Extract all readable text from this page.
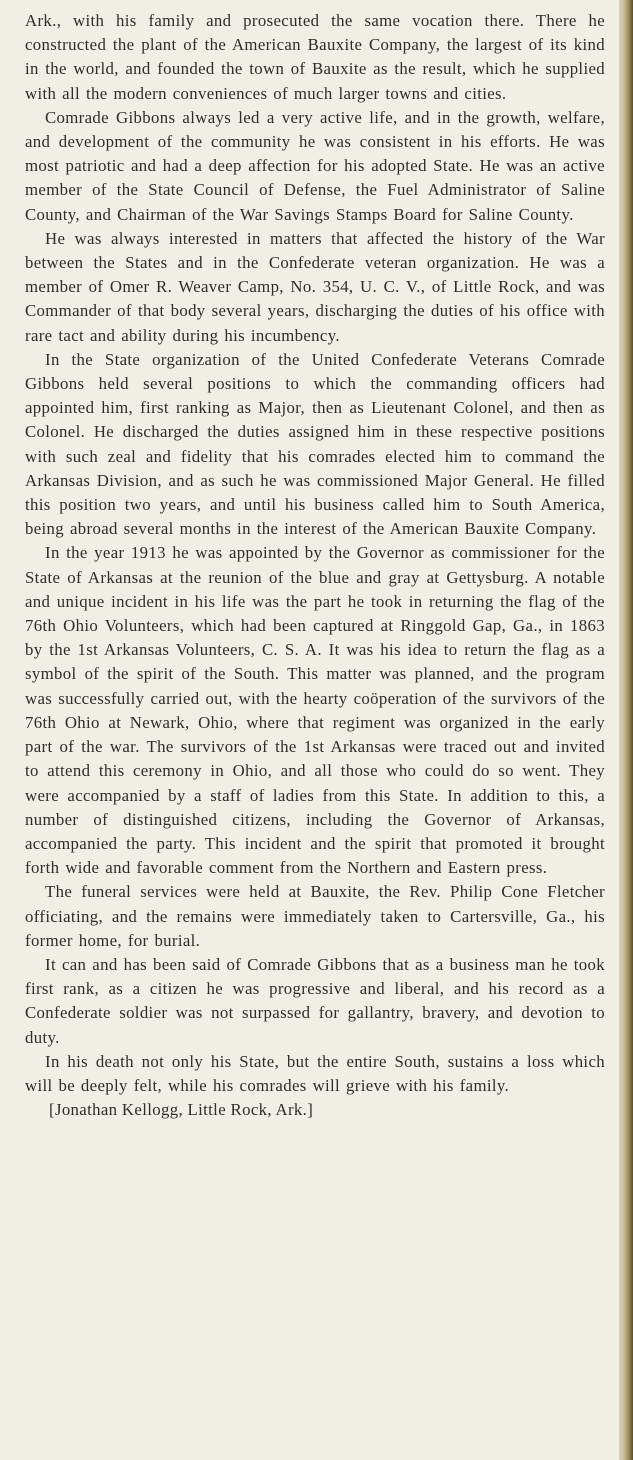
Ark., with his family and prosecuted the same vocation there. There he constructed the plant of the American Bauxite Company, the largest of its kind in the world, and founded the town of Bauxite as the result, which he supplied with all the modern conveniences of much larger towns and cities.

Comrade Gibbons always led a very active life, and in the growth, welfare, and development of the community he was consistent in his efforts. He was most patriotic and had a deep affection for his adopted State. He was an active member of the State Council of Defense, the Fuel Administrator of Saline County, and Chairman of the War Savings Stamps Board for Saline County.

He was always interested in matters that affected the history of the War between the States and in the Confederate veteran organization. He was a member of Omer R. Weaver Camp, No. 354, U. C. V., of Little Rock, and was Commander of that body several years, discharging the duties of his office with rare tact and ability during his incumbency.

In the State organization of the United Confederate Veterans Comrade Gibbons held several positions to which the commanding officers had appointed him, first ranking as Major, then as Lieutenant Colonel, and then as Colonel. He discharged the duties assigned him in these respective positions with such zeal and fidelity that his comrades elected him to command the Arkansas Division, and as such he was commissioned Major General. He filled this position two years, and until his business called him to South America, being abroad several months in the interest of the American Bauxite Company.

In the year 1913 he was appointed by the Governor as commissioner for the State of Arkansas at the reunion of the blue and gray at Gettysburg. A notable and unique incident in his life was the part he took in returning the flag of the 76th Ohio Volunteers, which had been captured at Ringgold Gap, Ga., in 1863 by the 1st Arkansas Volunteers, C. S. A. It was his idea to return the flag as a symbol of the spirit of the South. This matter was planned, and the program was successfully carried out, with the hearty coöperation of the survivors of the 76th Ohio at Newark, Ohio, where that regiment was organized in the early part of the war. The survivors of the 1st Arkansas were traced out and invited to attend this ceremony in Ohio, and all those who could do so went. They were accompanied by a staff of ladies from this State. In addition to this, a number of distinguished citizens, including the Governor of Arkansas, accompanied the party. This incident and the spirit that promoted it brought forth wide and favorable comment from the Northern and Eastern press.

The funeral services were held at Bauxite, the Rev. Philip Cone Fletcher officiating, and the remains were immediately taken to Cartersville, Ga., his former home, for burial.

It can and has been said of Comrade Gibbons that as a business man he took first rank, as a citizen he was progressive and liberal, and his record as a Confederate soldier was not surpassed for gallantry, bravery, and devotion to duty.

In his death not only his State, but the entire South, sustains a loss which will be deeply felt, while his comrades will grieve with his family.

[Jonathan Kellogg, Little Rock, Ark.]
